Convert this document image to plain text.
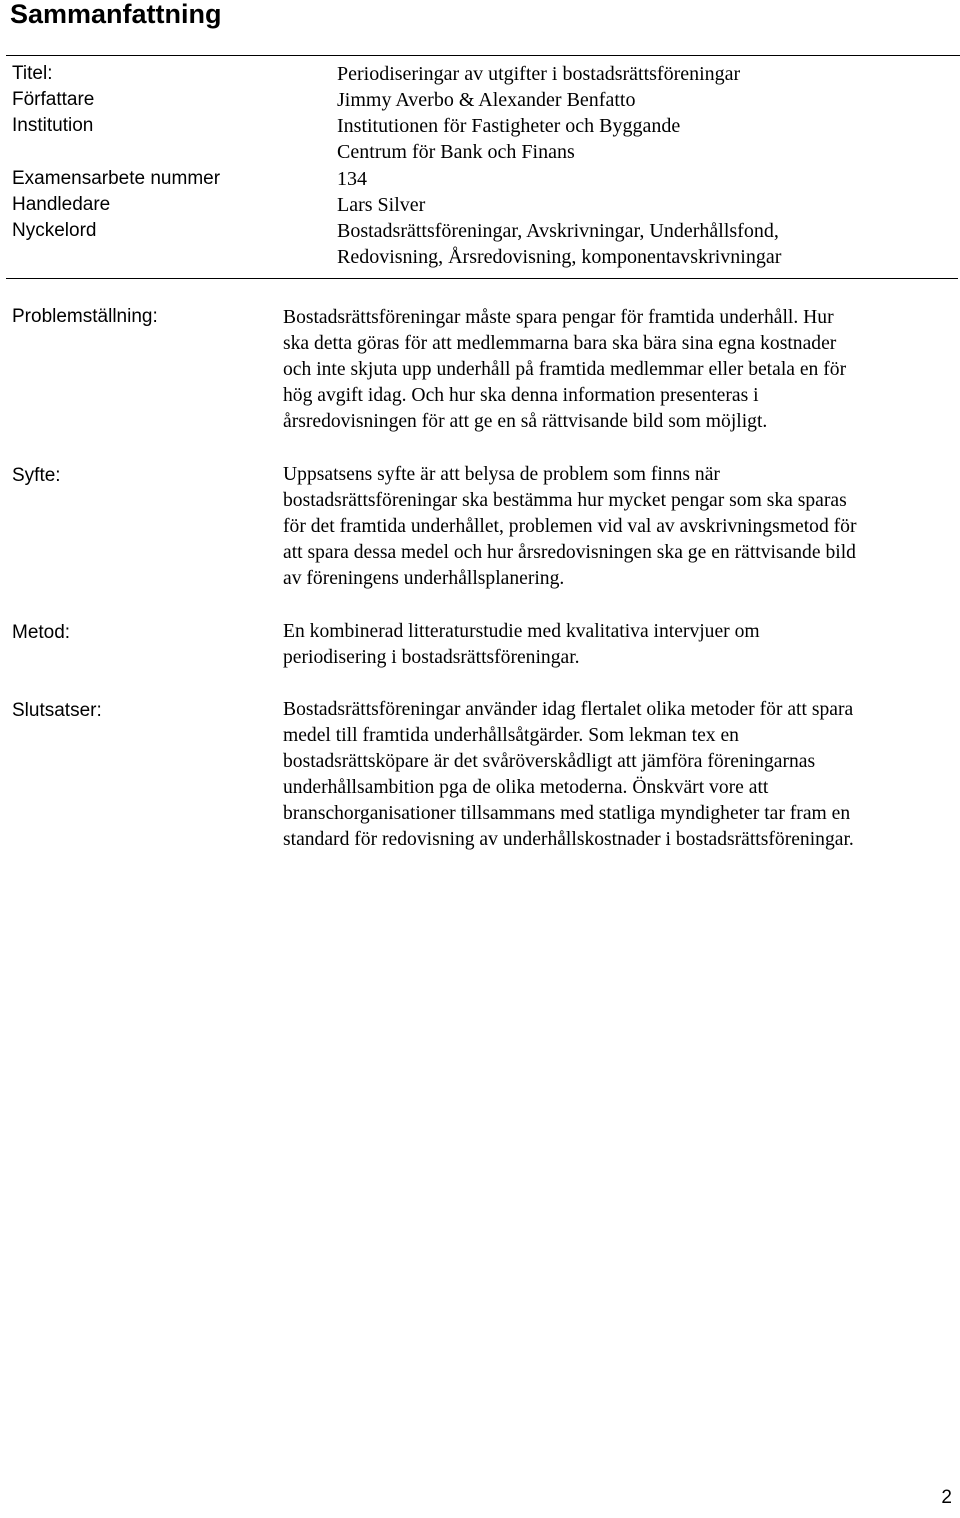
Sammanfattning
Titel:	Periodiseringar av utgifter i bostadsrättsföreningar
Författare	Jimmy Averbo & Alexander Benfatto
Institution	Institutionen för Fastigheter och Byggande
Centrum för Bank och Finans
Examensarbete nummer	134
Handledare	Lars Silver
Nyckelord	Bostadsrättsföreningar, Avskrivningar, Underhållsfond,
Redovisning, Årsredovisning, komponentavskrivningar
Problemställning:	Bostadsrättsföreningar måste spara pengar för framtida underhåll. Hur
ska detta göras för att medlemmarna bara ska bära sina egna kostnader
och inte skjuta upp underhåll på framtida medlemmar eller betala en för
hög avgift idag. Och hur ska denna information presenteras i
årsredovisningen för att ge en så rättvisande bild som möjligt.

Syfte:	Uppsatsens syfte är att belysa de problem som finns när
bostadsrättsföreningar ska bestämma hur mycket pengar som ska sparas
för det framtida underhållet, problemen vid val av avskrivningsmetod för
att spara dessa medel och hur årsredovisningen ska ge en rättvisande bild
av föreningens underhållsplanering.

Metod:	En kombinerad litteraturstudie med kvalitativa intervjuer om
periodisering i bostadsrättsföreningar.

Slutsatser:	Bostadsrättsföreningar använder idag flertalet olika metoder för att spara
medel till framtida underhållsåtgärder. Som lekman tex en
bostadsrättsköpare är det svåröverskådligt att jämföra föreningarnas
underhållsambition pga de olika metoderna. Önskvärt vore att
branschorganisationer tillsammans med statliga myndigheter tar fram en
standard för redovisning av underhållskostnader i bostadsrättsföreningar.

2
